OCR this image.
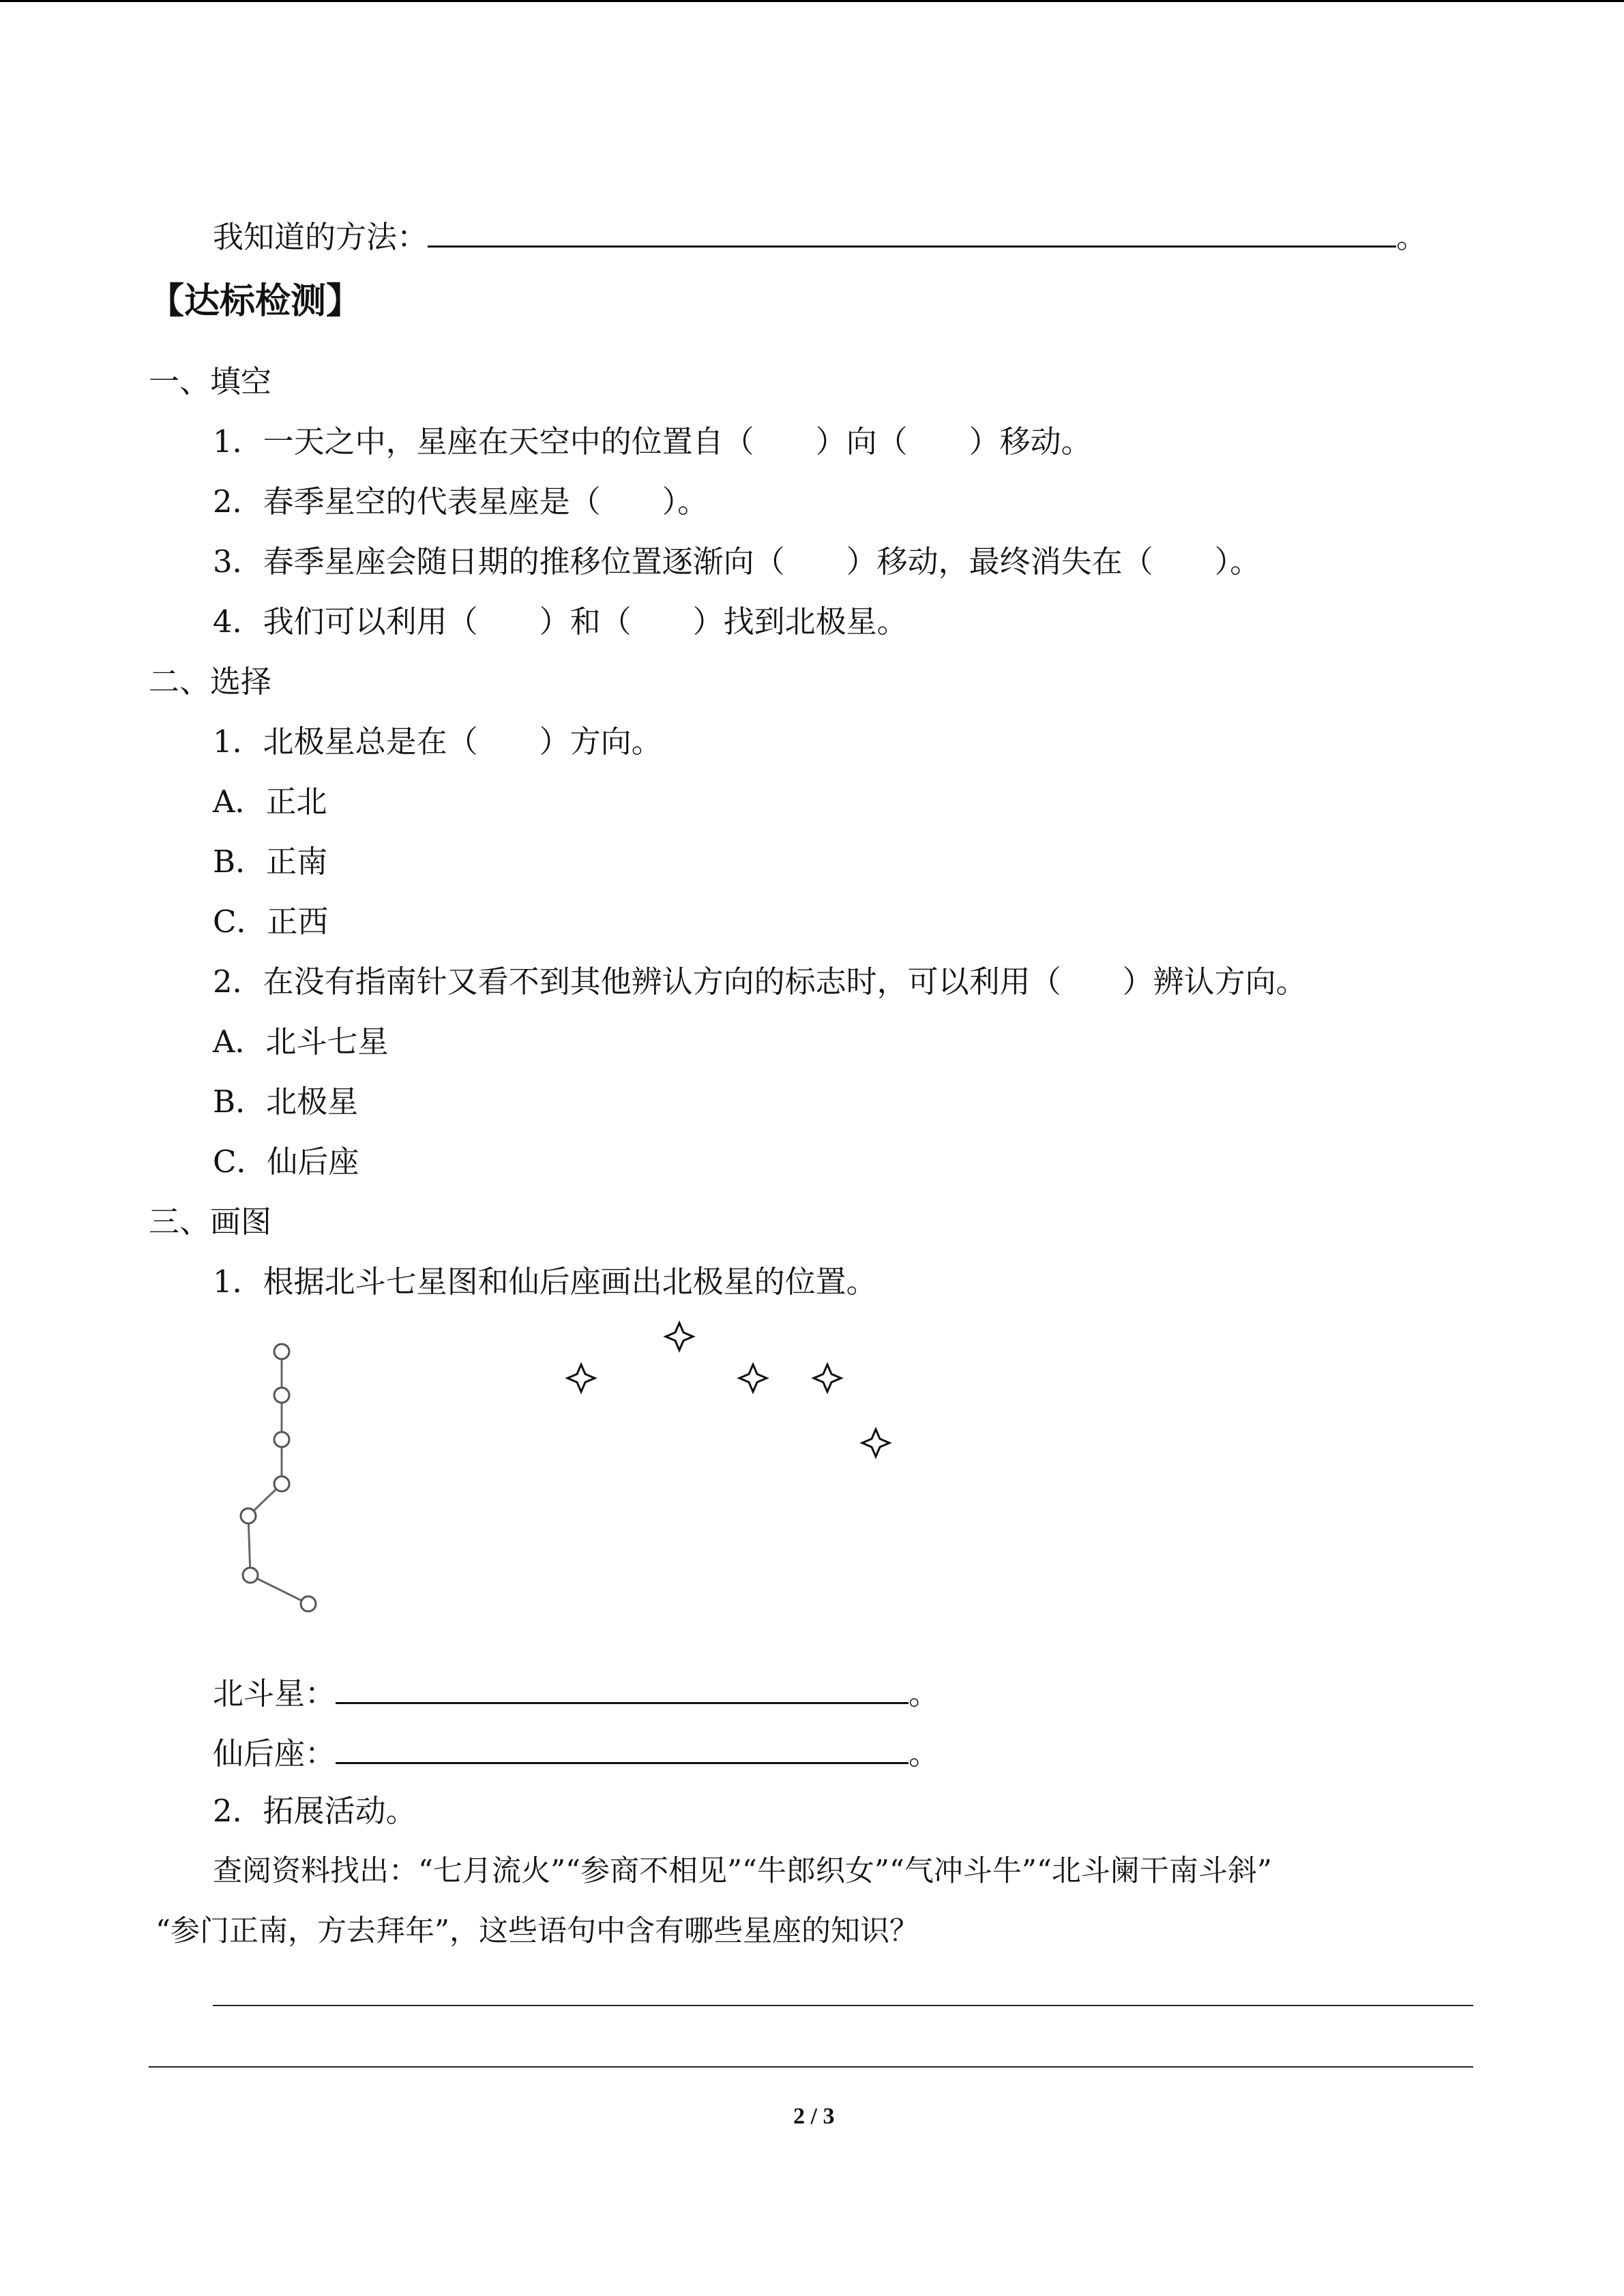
我知道的方法：	。
【达标检测】
一、填空
1．一天之中，星座在天空中的位置自（　　）向（　　）移动。
2．春季星空的代表星座是（　　）。
3．春季星座会随日期的推移位置逐渐向（　　）移动，最终消失在（　　）。
4．我们可以利用（　　）和（　　）找到北极星。
二、选择
1．北极星总是在（　　）方向。
A．正北
B．正南
C．正西
2．在没有指南针又看不到其他辨认方向的标志时，可以利用（　　）辨认方向。
A．北斗七星
B．北极星
C．仙后座
三、画图
1．根据北斗七星图和仙后座画出北极星的位置。
北斗星：	。
仙后座：	。
2．拓展活动。
查阅资料找出：“七月流火”“参商不相见”“牛郎织女”“气冲斗牛”“北斗阑干南斗斜”
“参门正南，方去拜年”，这些语句中含有哪些星座的知识？
2 / 3
